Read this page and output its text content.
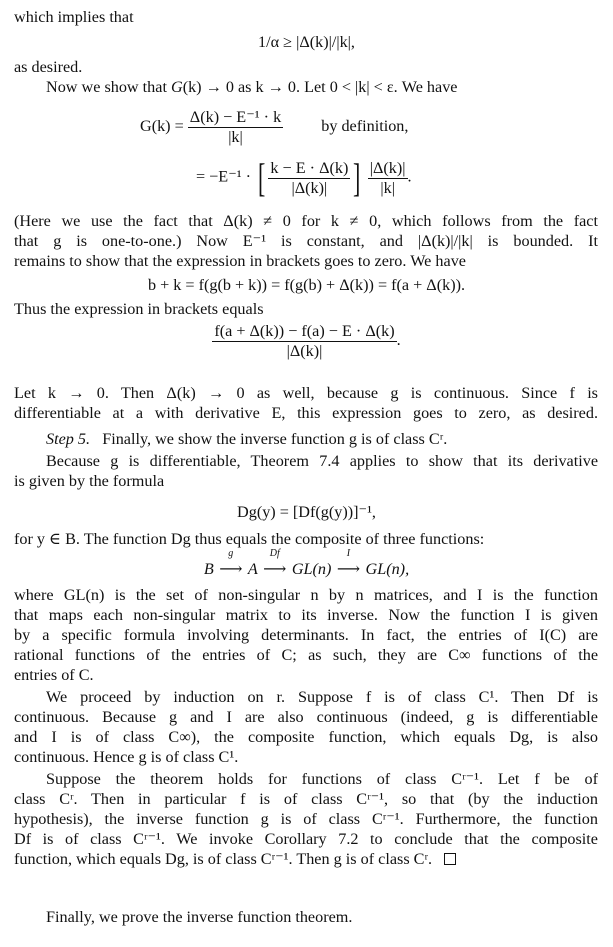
which implies that
1/α ≥ |Δ(k)|/|k|,
as desired.
Now we show that G(k) → 0 as k → 0. Let 0 < |k| < ε. We have
$G(k) = \frac{\text{Δ(k) − E⁻¹ · k}}{|k|}$ by definition,
= −E⁻¹ · [ $\frac{k - E \cdot \Delta(k)}{|\Delta(k)|}$ ] $\frac{|\Delta(k)|}{|k|}$ .
(Here we use the fact that Δ(k) ≠ 0 for k ≠ 0, which follows from the fact
that g is one-to-one.) Now E⁻¹ is constant, and |Δ(k)|/|k| is bounded. It
remains to show that the expression in brackets goes to zero. We have
b + k = f(g(b + k)) = f(g(b) + Δ(k)) = f(a + Δ(k)).
Thus the expression in brackets equals
$\frac{f(a + \Delta(k)) - f(a) - E \cdot \Delta(k)}{|\Delta(k)|}$ .
Let k → 0. Then Δ(k) → 0 as well, because g is continuous. Since f is
differentiable at a with derivative E, this expression goes to zero, as desired.
Step 5. Finally, we show the inverse function g is of class Cʳ.
Because g is differentiable, Theorem 7.4 applies to show that its derivative
is given by the formula
Dg(y) = [Df(g(y))]⁻¹,
for y ∈ B. The function Dg thus equals the composite of three functions:
B
g
⟶ A
Df
⟶ GL(n)
I
⟶ GL(n),
where GL(n) is the set of non-singular n by n matrices, and I is the function
that maps each non-singular matrix to its inverse. Now the function I is given
by a specific formula involving determinants. In fact, the entries of I(C) are
rational functions of the entries of C; as such, they are C∞ functions of the
entries of C.
We proceed by induction on r. Suppose f is of class C¹. Then Df is
continuous. Because g and I are also continuous (indeed, g is differentiable
and I is of class C∞), the composite function, which equals Dg, is also
continuous. Hence g is of class C¹.
Suppose the theorem holds for functions of class Cʳ⁻¹. Let f be of
class Cʳ. Then in particular f is of class Cʳ⁻¹, so that (by the induction
hypothesis), the inverse function g is of class Cʳ⁻¹. Furthermore, the function
Df is of class Cʳ⁻¹. We invoke Corollary 7.2 to conclude that the composite
function, which equals Dg, is of class Cʳ⁻¹. Then g is of class Cʳ.
Finally, we prove the inverse function theorem.
